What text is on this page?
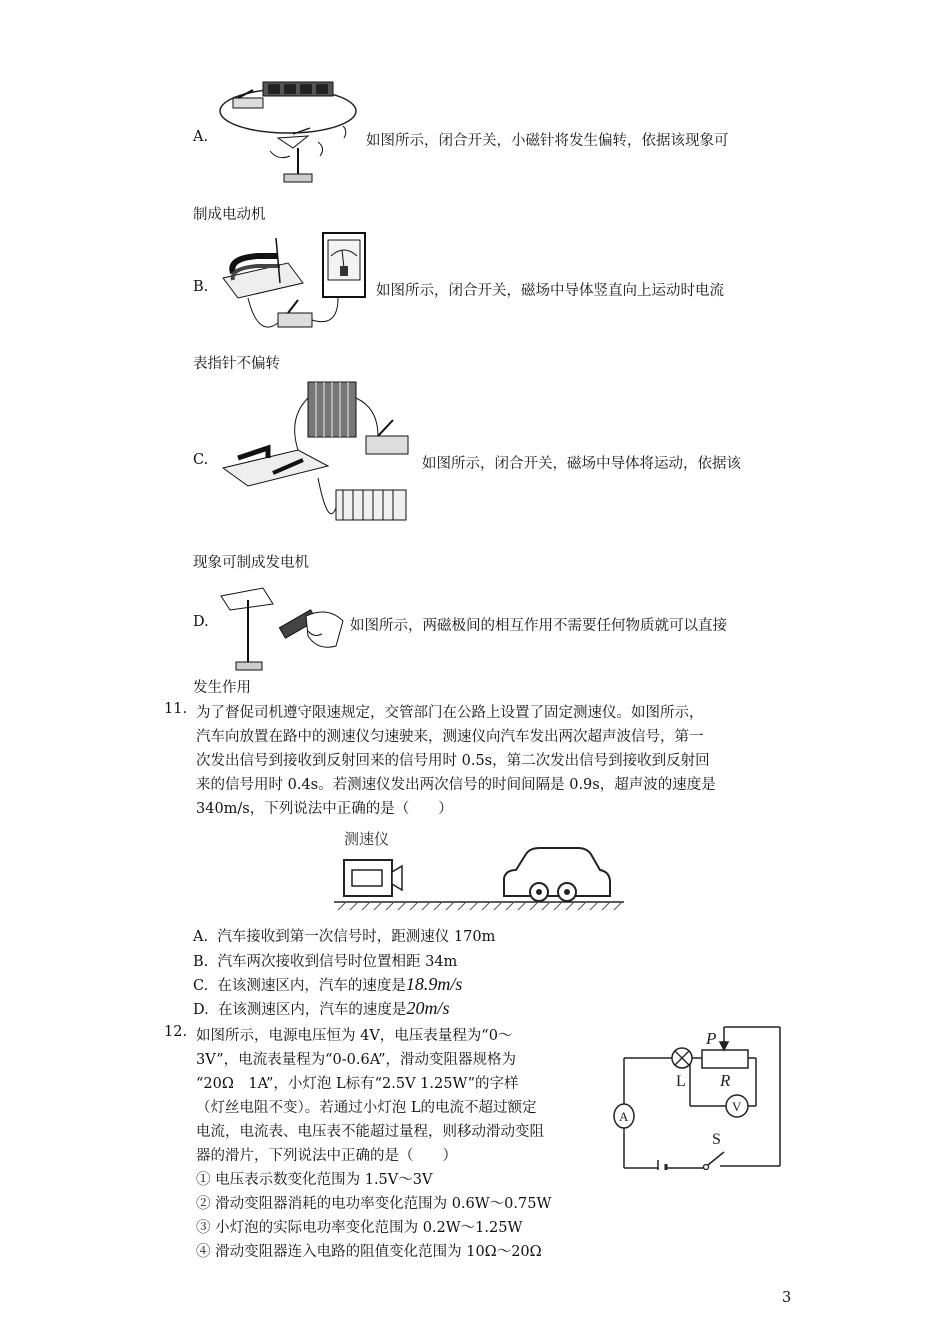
A.	如图所示，闭合开关，小磁针将发生偏转，依据该现象可
制成电动机
B.	如图所示，闭合开关，磁场中导体竖直向上运动时电流
表指针不偏转
C.	如图所示，闭合开关，磁场中导体将运动，依据该
现象可制成发电机
D.	如图所示，两磁极间的相互作用不需要任何物质就可以直接
发生作用
11. 为了督促司机遵守限速规定，交管部门在公路上设置了固定测速仪。如图所示，

汽车向放置在路中的测速仪匀速驶来，测速仪向汽车发出两次超声波信号，第一

次发出信号到接收到反射回来的信号用时 0.5s，第二次发出信号到接收到反射回

来的信号用时 0.4s。若测速仪发出两次信号的时间间隔是 0.9s，超声波的速度是

340m/s，下列说法中正确的是（　　）

测速仪
A. 汽车接收到第一次信号时，距测速仪 170m
B. 汽车两次接收到信号时位置相距 34m
C. 在该测速区内，汽车的速度是18.9m/s
D. 在该测速区内，汽车的速度是20m/s
12. 如图所示，电源电压恒为 4V，电压表量程为“0～

3V”，电流表量程为“0-0.6A”，滑动变阻器规格为

“20Ω　1A”，小灯泡 L标有“2.5V 1.25W”的字样

（灯丝电阻不变）。若通过小灯泡 L的电流不超过额定

电流，电流表、电压表不能超过量程，则移动滑动变阻

器的滑片，下列说法中正确的是（　　）

① 电压表示数变化范围为 1.5V～3V

② 滑动变阻器消耗的电功率变化范围为 0.6W～0.75W

③ 小灯泡的实际电功率变化范围为 0.2W～1.25W

④ 滑动变阻器连入电路的阻值变化范围为 10Ω～20Ω

P
R
L
A
V
S
3
